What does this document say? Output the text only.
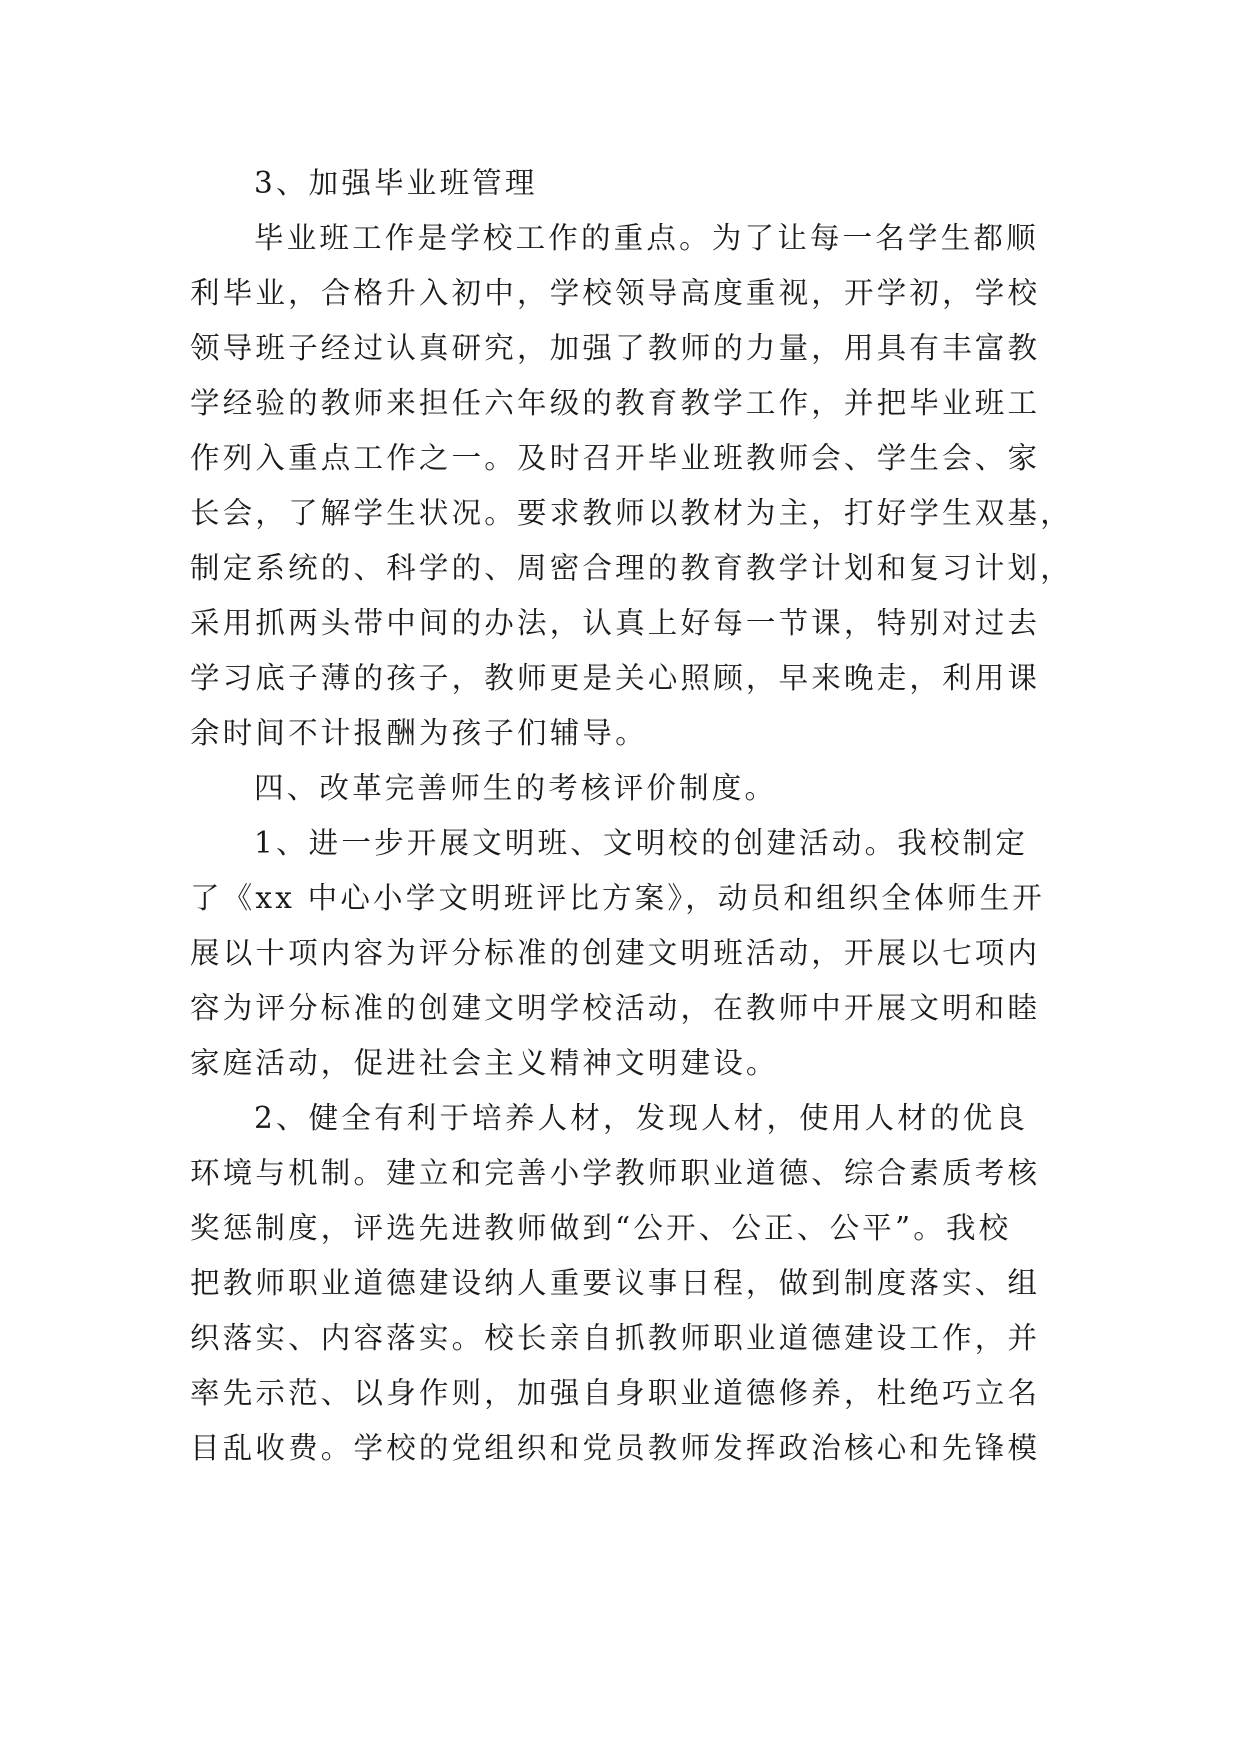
3、加强毕业班管理
毕业班工作是学校工作的重点。为了让每一名学生都顺
利毕业，合格升入初中，学校领导高度重视，开学初，学校
领导班子经过认真研究，加强了教师的力量，用具有丰富教
学经验的教师来担任六年级的教育教学工作，并把毕业班工
作列入重点工作之一。及时召开毕业班教师会、学生会、家
长会，了解学生状况。要求教师以教材为主，打好学生双基，
制定系统的、科学的、周密合理的教育教学计划和复习计划，
采用抓两头带中间的办法，认真上好每一节课，特别对过去
学习底子薄的孩子，教师更是关心照顾，早来晚走，利用课
余时间不计报酬为孩子们辅导。
四、改革完善师生的考核评价制度。
1、进一步开展文明班、文明校的创建活动。我校制定
了《xx 中心小学文明班评比方案》，动员和组织全体师生开
展以十项内容为评分标准的创建文明班活动，开展以七项内
容为评分标准的创建文明学校活动，在教师中开展文明和睦
家庭活动，促进社会主义精神文明建设。
2、健全有利于培养人材，发现人材，使用人材的优良
环境与机制。建立和完善小学教师职业道德、综合素质考核
奖惩制度，评选先进教师做到“公开、公正、公平”。我校
把教师职业道德建设纳人重要议事日程，做到制度落实、组
织落实、内容落实。校长亲自抓教师职业道德建设工作，并
率先示范、以身作则，加强自身职业道德修养，杜绝巧立名
目乱收费。学校的党组织和党员教师发挥政治核心和先锋模
